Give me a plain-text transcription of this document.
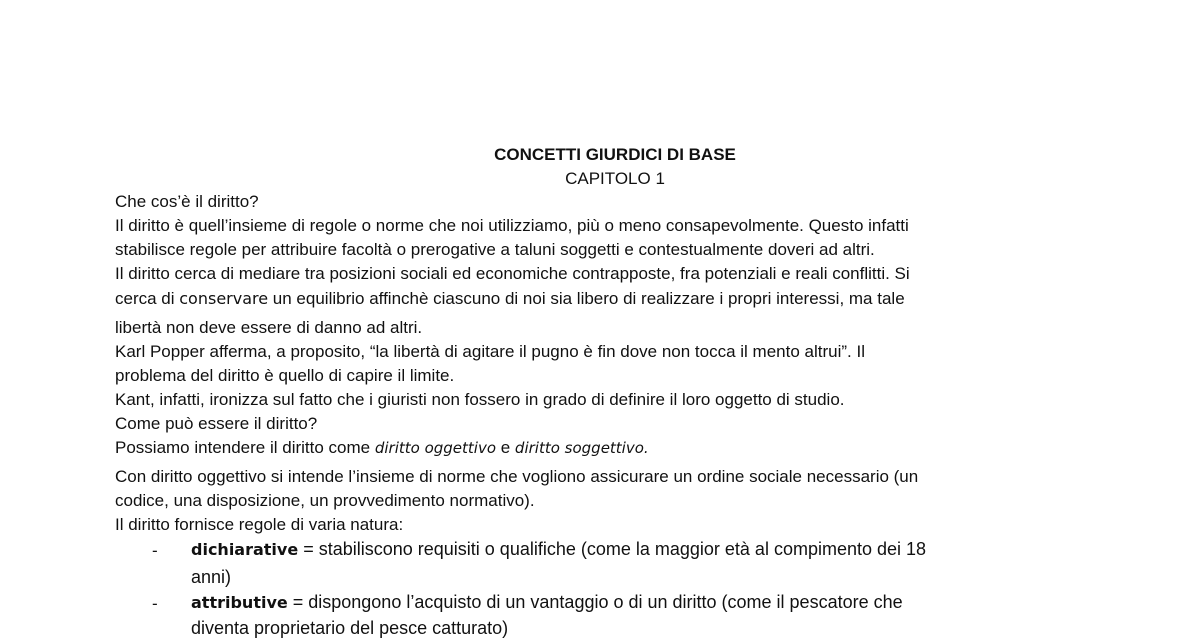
CONCETTI GIURDICI DI BASE
CAPITOLO 1
Che cos’è il diritto?
Il diritto è quell’insieme di regole o norme che noi utilizziamo, più o meno consapevolmente. Questo infatti
stabilisce regole per attribuire facoltà o prerogative a taluni soggetti e contestualmente doveri ad altri.
Il diritto cerca di mediare tra posizioni sociali ed economiche contrapposte, fra potenziali e reali conflitti. Si
cerca di conservare un equilibrio affinchè ciascuno di noi sia libero di realizzare i propri interessi, ma tale
libertà non deve essere di danno ad altri.
Karl Popper afferma, a proposito, “la libertà di agitare il pugno è fin dove non tocca il mento altrui”. Il
problema del diritto è quello di capire il limite.
Kant, infatti, ironizza sul fatto che i giuristi non fossero in grado di definire il loro oggetto di studio.
Come può essere il diritto?
Possiamo intendere il diritto come diritto oggettivo e diritto soggettivo.
Con diritto oggettivo si intende l’insieme di norme che vogliono assicurare un ordine sociale necessario (un
codice, una disposizione, un provvedimento normativo).
Il diritto fornisce regole di varia natura:
- dichiarative = stabiliscono requisiti o qualifiche (come la maggior età al compimento dei 18
anni)
- attributive = dispongono l’acquisto di un vantaggio o di un diritto (come il pescatore che
diventa proprietario del pesce catturato)
